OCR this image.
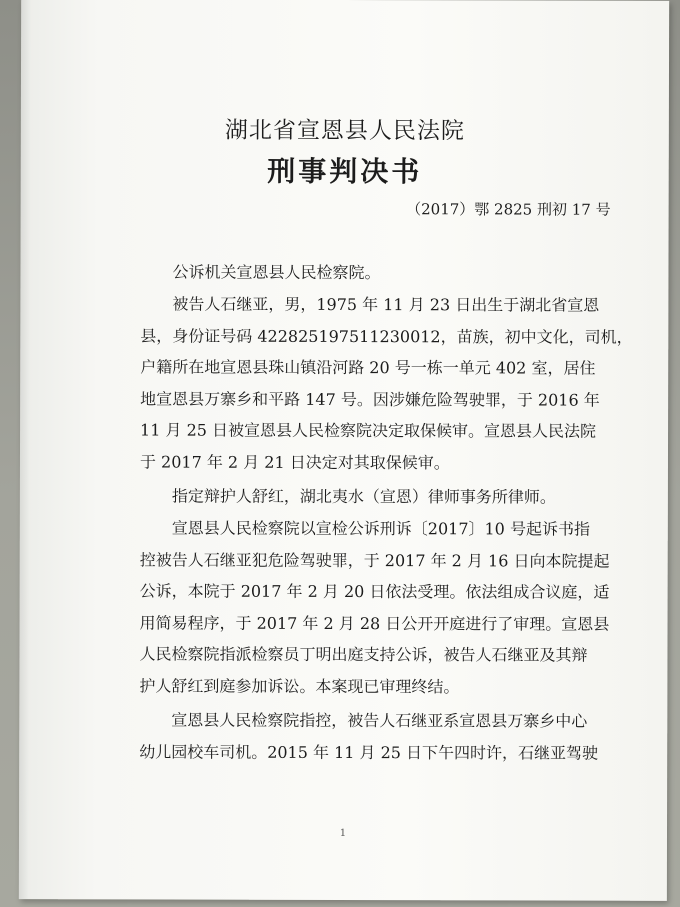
湖北省宣恩县人民法院
刑事判决书
（2017）鄂 2825 刑初 17 号
公诉机关宣恩县人民检察院。
被告人石继亚，男，1975 年 11 月 23 日出生于湖北省宣恩
县，身份证号码 422825197511230012，苗族，初中文化，司机，
户籍所在地宣恩县珠山镇沿河路 20 号一栋一单元 402 室，居住
地宣恩县万寨乡和平路 147 号。因涉嫌危险驾驶罪，于 2016 年
11 月 25 日被宣恩县人民检察院决定取保候审。宣恩县人民法院
于 2017 年 2 月 21 日决定对其取保候审。
指定辩护人舒红，湖北夷水（宣恩）律师事务所律师。
宣恩县人民检察院以宣检公诉刑诉〔2017〕10 号起诉书指
控被告人石继亚犯危险驾驶罪，于 2017 年 2 月 16 日向本院提起
公诉，本院于 2017 年 2 月 20 日依法受理。依法组成合议庭，适
用简易程序，于 2017 年 2 月 28 日公开开庭进行了审理。宣恩县
人民检察院指派检察员丁明出庭支持公诉，被告人石继亚及其辩
护人舒红到庭参加诉讼。本案现已审理终结。
宣恩县人民检察院指控，被告人石继亚系宣恩县万寨乡中心
幼儿园校车司机。2015 年 11 月 25 日下午四时许，石继亚驾驶
1
